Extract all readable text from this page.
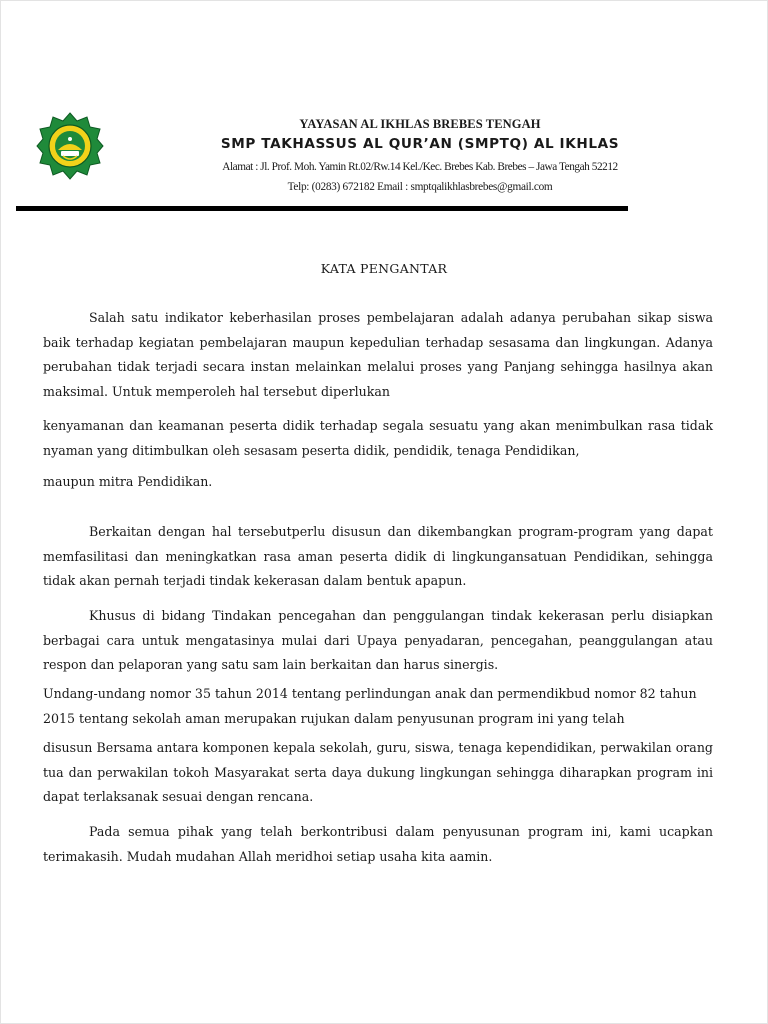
YAYASAN AL IKHLAS BREBES TENGAH
SMP TAKHASSUS AL QUR’AN (SMPTQ) AL IKHLAS
Alamat : Jl. Prof. Moh. Yamin Rt.02/Rw.14 Kel./Kec. Brebes Kab. Brebes – Jawa Tengah 52212
Telp: (0283) 672182 Email : smptqalikhlasbrebes@gmail.com
KATA PENGANTAR

Salah satu indikator keberhasilan proses pembelajaran adalah adanya perubahan sikap siswa baik terhadap kegiatan pembelajaran maupun kepedulian terhadap sesasama dan lingkungan. Adanya perubahan tidak terjadi secara instan melainkan melalui proses yang Panjang sehingga hasilnya akan maksimal. Untuk memperoleh hal tersebut diperlukan

kenyamanan dan keamanan peserta didik terhadap segala sesuatu yang akan menimbulkan rasa tidak nyaman yang ditimbulkan oleh sesasam peserta didik, pendidik, tenaga Pendidikan,

maupun mitra Pendidikan.

Berkaitan dengan hal tersebutperlu disusun dan dikembangkan program-program yang dapat memfasilitasi dan meningkatkan rasa aman peserta didik di lingkungansatuan Pendidikan, sehingga tidak akan pernah terjadi tindak kekerasan dalam bentuk apapun.

Khusus di bidang Tindakan pencegahan dan penggulangan tindak kekerasan perlu disiapkan berbagai cara untuk mengatasinya mulai dari Upaya penyadaran, pencegahan, peanggulangan atau respon dan pelaporan yang satu sam lain berkaitan dan harus sinergis.

Undang-undang nomor 35 tahun 2014 tentang perlindungan anak dan permendikbud nomor 82 tahun 2015 tentang sekolah aman merupakan rujukan dalam penyusunan program ini yang telah

disusun Bersama antara komponen kepala sekolah, guru, siswa, tenaga kependidikan, perwakilan orang tua dan perwakilan tokoh Masyarakat serta daya dukung lingkungan sehingga diharapkan program ini dapat terlaksanak sesuai dengan rencana.

Pada semua pihak yang telah berkontribusi dalam penyusunan program ini, kami ucapkan terimakasih. Mudah mudahan Allah meridhoi setiap usaha kita aamin.
